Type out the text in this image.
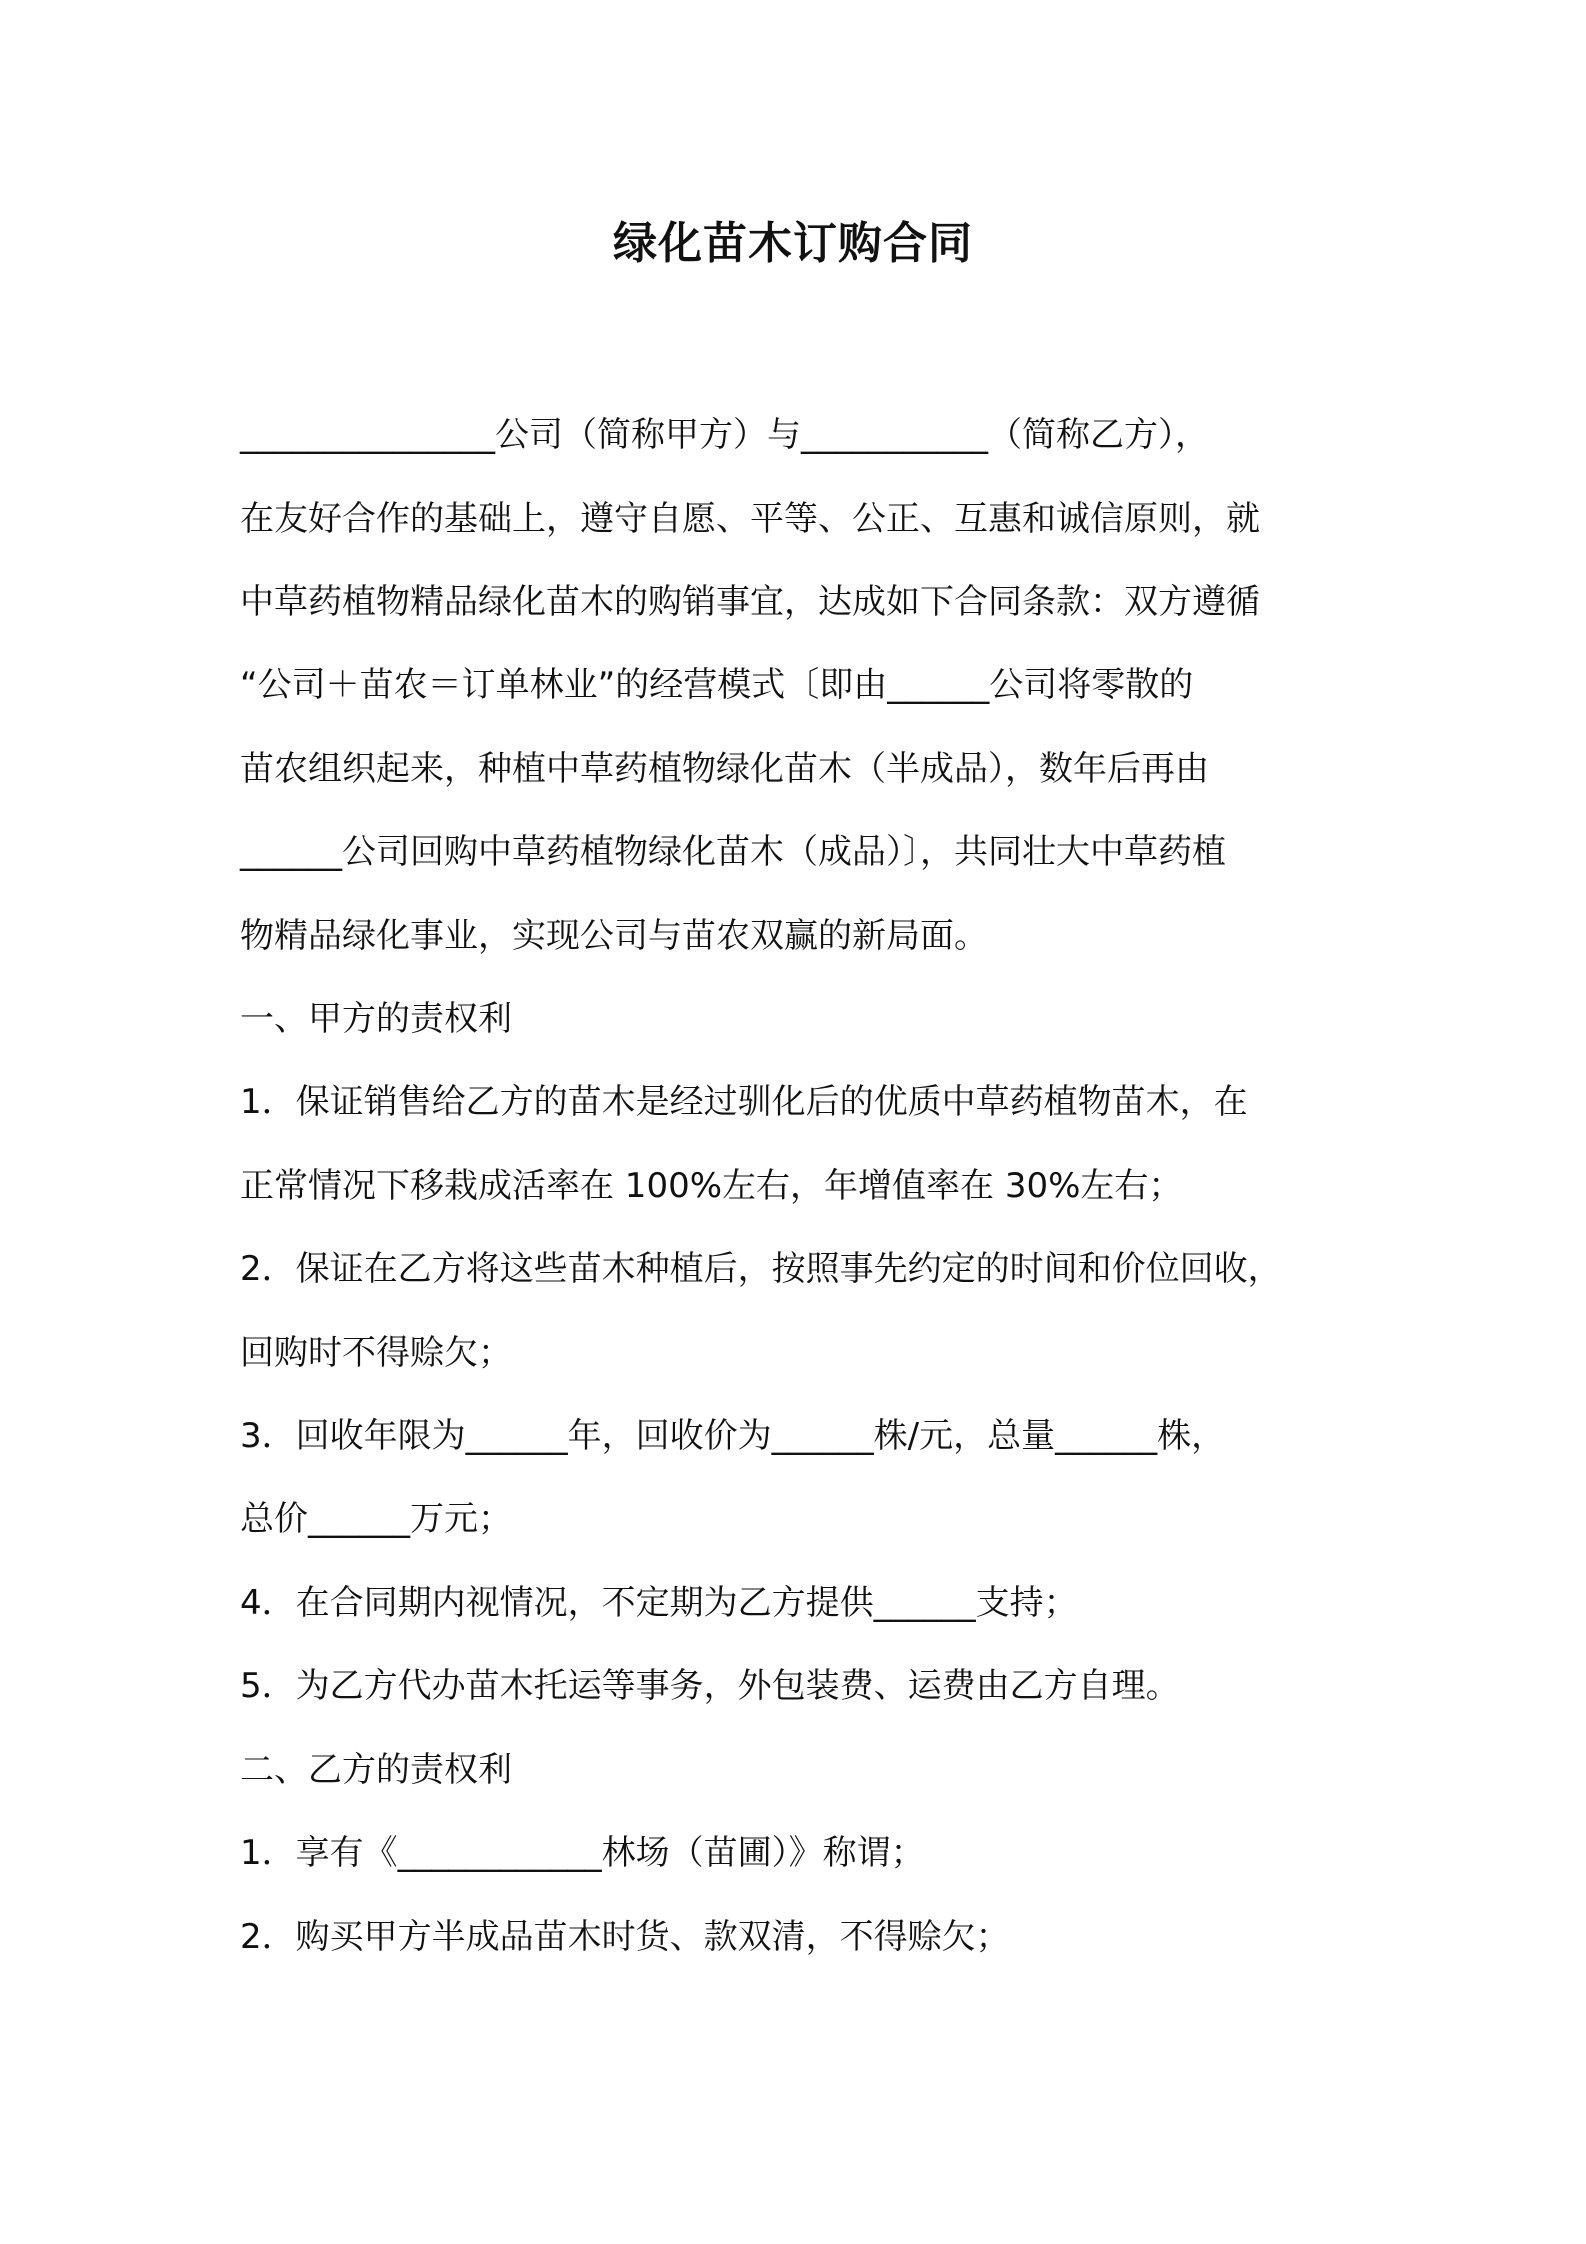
绿化苗木订购合同
_______________公司（简称甲方）与___________（简称乙方），
在友好合作的基础上，遵守自愿、平等、公正、互惠和诚信原则，就
中草药植物精品绿化苗木的购销事宜，达成如下合同条款：双方遵循
“公司＋苗农＝订单林业”的经营模式〔即由______公司将零散的
苗农组织起来，种植中草药植物绿化苗木（半成品），数年后再由
______公司回购中草药植物绿化苗木（成品）〕，共同壮大中草药植
物精品绿化事业，实现公司与苗农双赢的新局面。
一、甲方的责权利
1．保证销售给乙方的苗木是经过驯化后的优质中草药植物苗木，在
正常情况下移栽成活率在 100%左右，年增值率在 30%左右；
2．保证在乙方将这些苗木种植后，按照事先约定的时间和价位回收，
回购时不得赊欠；
3．回收年限为______年，回收价为______株/元，总量______株，
总价______万元；
4．在合同期内视情况，不定期为乙方提供______支持；
5．为乙方代办苗木托运等事务，外包装费、运费由乙方自理。
二、乙方的责权利
1．享有《____________林场（苗圃）》称谓；
2．购买甲方半成品苗木时货、款双清，不得赊欠；
